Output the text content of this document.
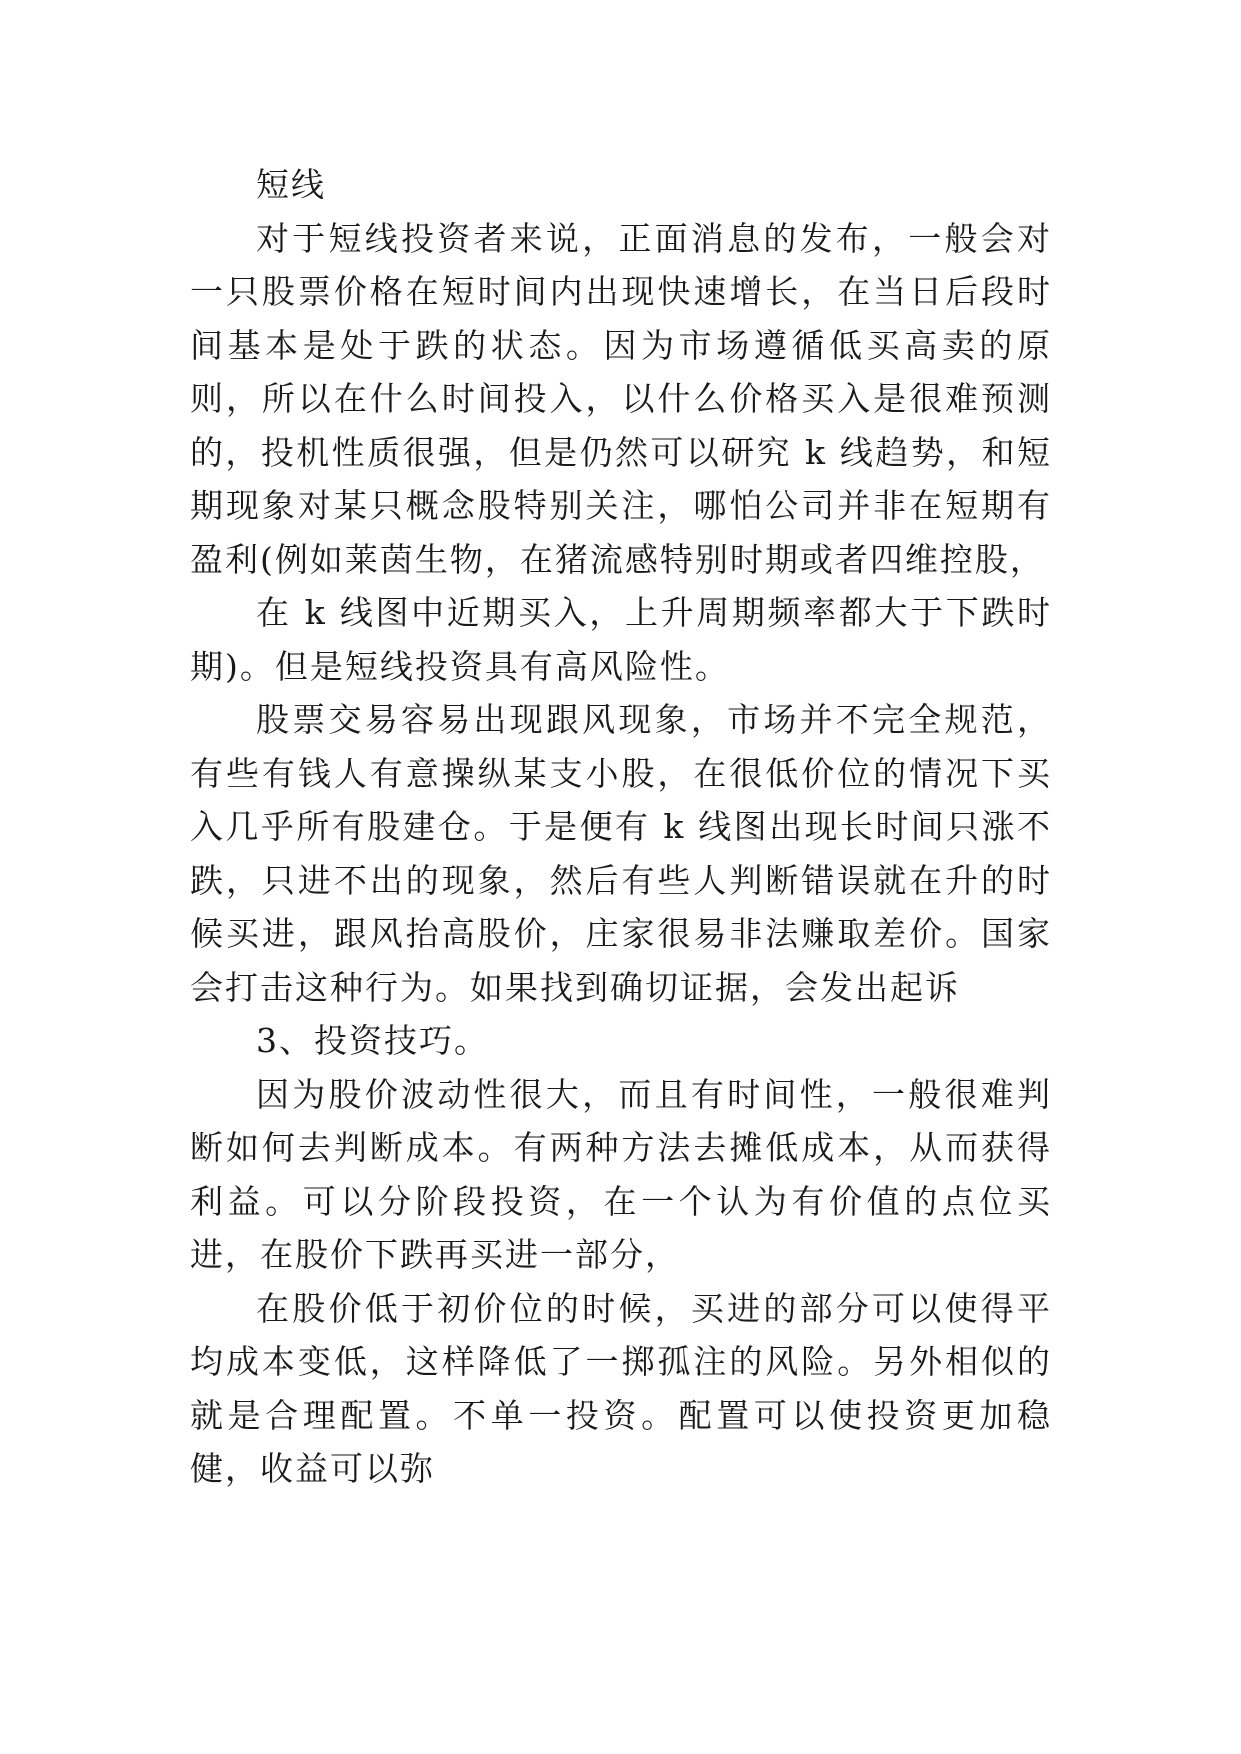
短线

对于短线投资者来说，正面消息的发布，一般会对一只股票价格在短时间内出现快速增长，在当日后段时间基本是处于跌的状态。因为市场遵循低买高卖的原则，所以在什么时间投入，以什么价格买入是很难预测的，投机性质很强，但是仍然可以研究 k 线趋势，和短期现象对某只概念股特别关注，哪怕公司并非在短期有盈利(例如莱茵生物，在猪流感特别时期或者四维控股，

在 k 线图中近期买入，上升周期频率都大于下跌时期)。但是短线投资具有高风险性。

股票交易容易出现跟风现象，市场并不完全规范，有些有钱人有意操纵某支小股，在很低价位的情况下买入几乎所有股建仓。于是便有 k 线图出现长时间只涨不跌，只进不出的现象，然后有些人判断错误就在升的时候买进，跟风抬高股价，庄家很易非法赚取差价。国家会打击这种行为。如果找到确切证据，会发出起诉

3、投资技巧。

因为股价波动性很大，而且有时间性，一般很难判断如何去判断成本。有两种方法去摊低成本，从而获得利益。可以分阶段投资，在一个认为有价值的点位买进，在股价下跌再买进一部分，

在股价低于初价位的时候，买进的部分可以使得平均成本变低，这样降低了一掷孤注的风险。另外相似的就是合理配置。不单一投资。配置可以使投资更加稳健，收益可以弥
